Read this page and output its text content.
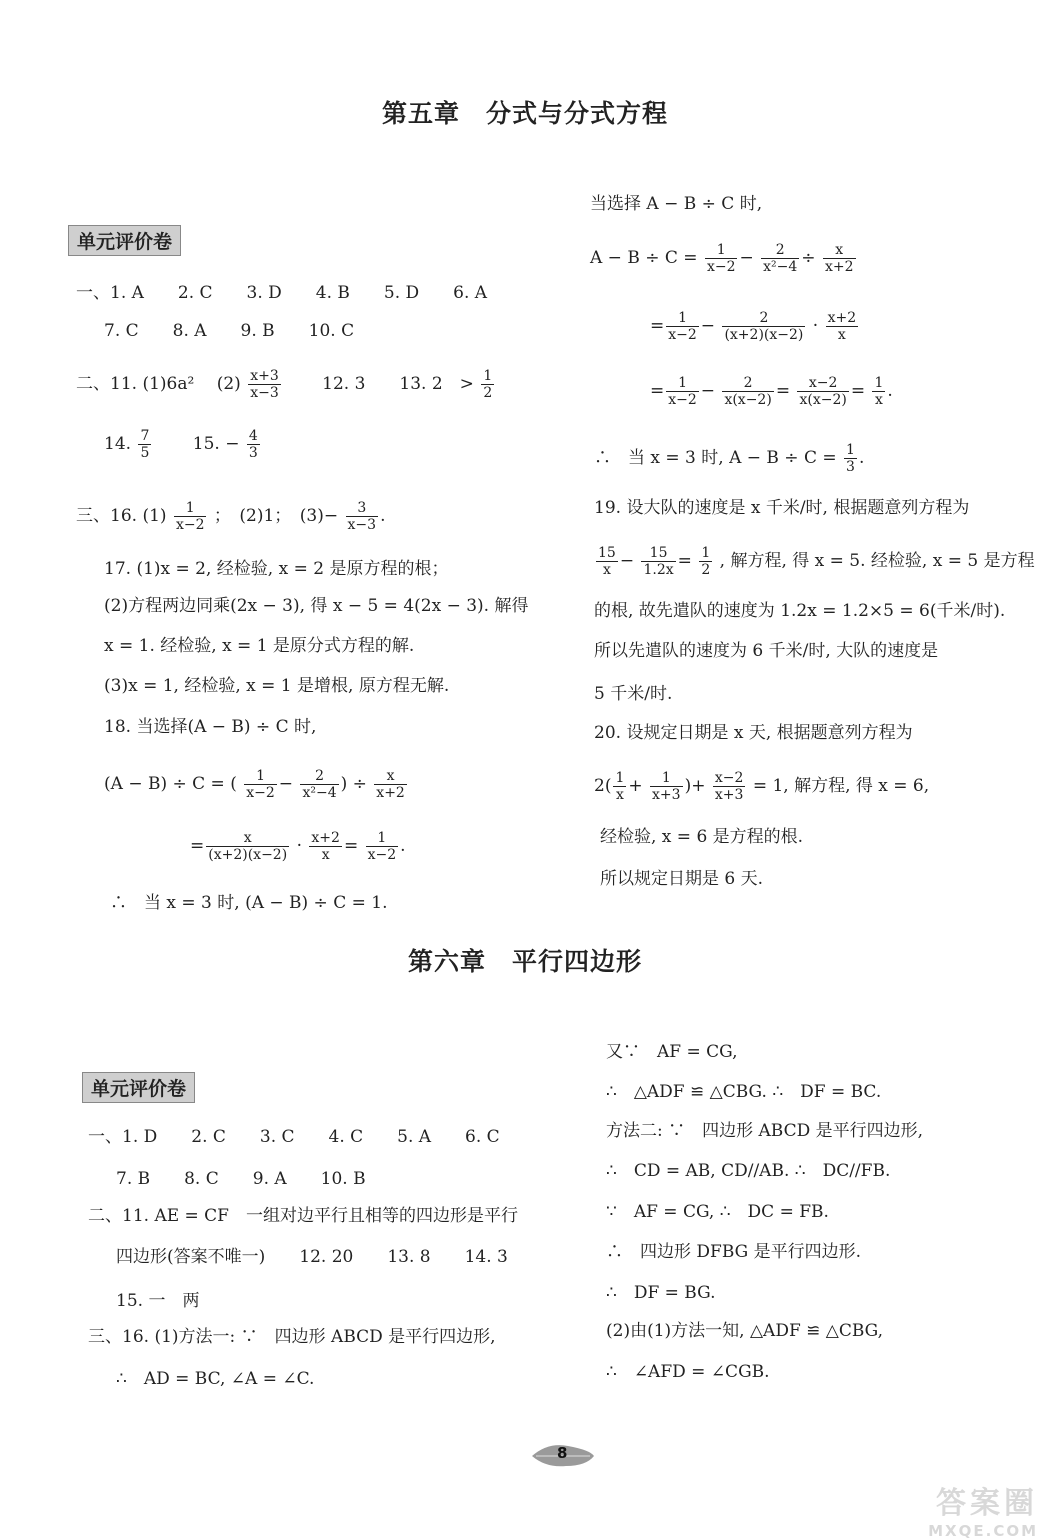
第五章　分式与分式方程
单元评价卷
一、1. A　　2. C　　3. D　　4. B　　5. D　　6. A
7. C　　8. A　　9. B　　10. C
二、11. (1)6a² 　$(2) \frac{x+3}{x-3}$ 　　12. 3　　13. 2　> $\frac{1}{2}$
14. $\frac{7}{5}$ 　　15. − $\frac{4}{3}$
三、16. $(1) \frac{1}{x-2}$ ；　(2)1；　$(3)- \frac{3}{x-3}$ .
17. (1)x = 2, 经检验, x = 2 是原方程的根；
(2)方程两边同乘(2x − 3), 得 x − 5 = 4(2x − 3). 解得
x = 1. 经检验, x = 1 是原分式方程的解.
(3)x = 1, 经检验, x = 1 是增根, 原方程无解.
18. 当选择(A − B) ÷ C 时,
(A − B) ÷ C = ( $\frac{1}{x-2} - \frac{2}{\text{x²−4}}$ ) ÷ $\frac{x}{x+2}$
= $\frac{x}{(x+2)(x-2)} \cdot \frac{x+2}{x} = \frac{1}{x-2}$ .
∴　当 x = 3 时, (A − B) ÷ C = 1.
当选择 A − B ÷ C 时,
$A - B \div C = \frac{1}{x-2} - \frac{2}{\text{x²−4}} \div \frac{x}{x+2}$
= $\frac{1}{x-2} - \frac{2}{(x+2)(x-2)} \cdot \frac{x+2}{x}$
= $\frac{1}{x-2} - \frac{2}{x(x-2)} = \frac{x-2}{x(x-2)} = \frac{1}{x}$ .
∴　当 x = 3 时, $A - B \div C = \frac{1}{3}$ .
19. 设大队的速度是 x 千米/时, 根据题意列方程为
$\frac{15}{x} - \frac{15}{1.2x} = \frac{1}{2}$ , 解方程, 得 x = 5. 经检验, x = 5 是方程
的根, 故先遣队的速度为 1.2x = 1.2×5 = 6(千米/时).
所以先遣队的速度为 6 千米/时, 大队的速度是
5 千米/时.
20. 设规定日期是 x 天, 根据题意列方程为
$2( \frac{1}{x} + \frac{1}{x+3}$ )+ $\frac{x-2}{x+3} = 1$, 解方程, 得 x = 6,
经检验, x = 6 是方程的根.
所以规定日期是 6 天.
第六章　平行四边形
单元评价卷
一、1. D　　2. C　　3. C　　4. C　　5. A　　6. C
7. B　　8. C　　9. A　　10. B
二、11. AE = CF　一组对边平行且相等的四边形是平行
四边形(答案不唯一)　　12. 20　　13. 8　　14. 3
15. 一　两
三、16. (1)方法一: ∵　四边形 ABCD 是平行四边形,
∴　AD = BC, ∠A = ∠C.
又∵　AF = CG,
∴　△ADF ≌ △CBG. ∴　DF = BC.
方法二: ∵　四边形 ABCD 是平行四边形,
∴　CD = AB, CD//AB. ∴　DC//FB.
∵　AF = CG, ∴　DC = FB.
∴　四边形 DFBG 是平行四边形.
∴　DF = BG.
(2)由(1)方法一知, △ADF ≌ △CBG,
∴　∠AFD = ∠CGB.
8
答案圈
MXQE.COM
